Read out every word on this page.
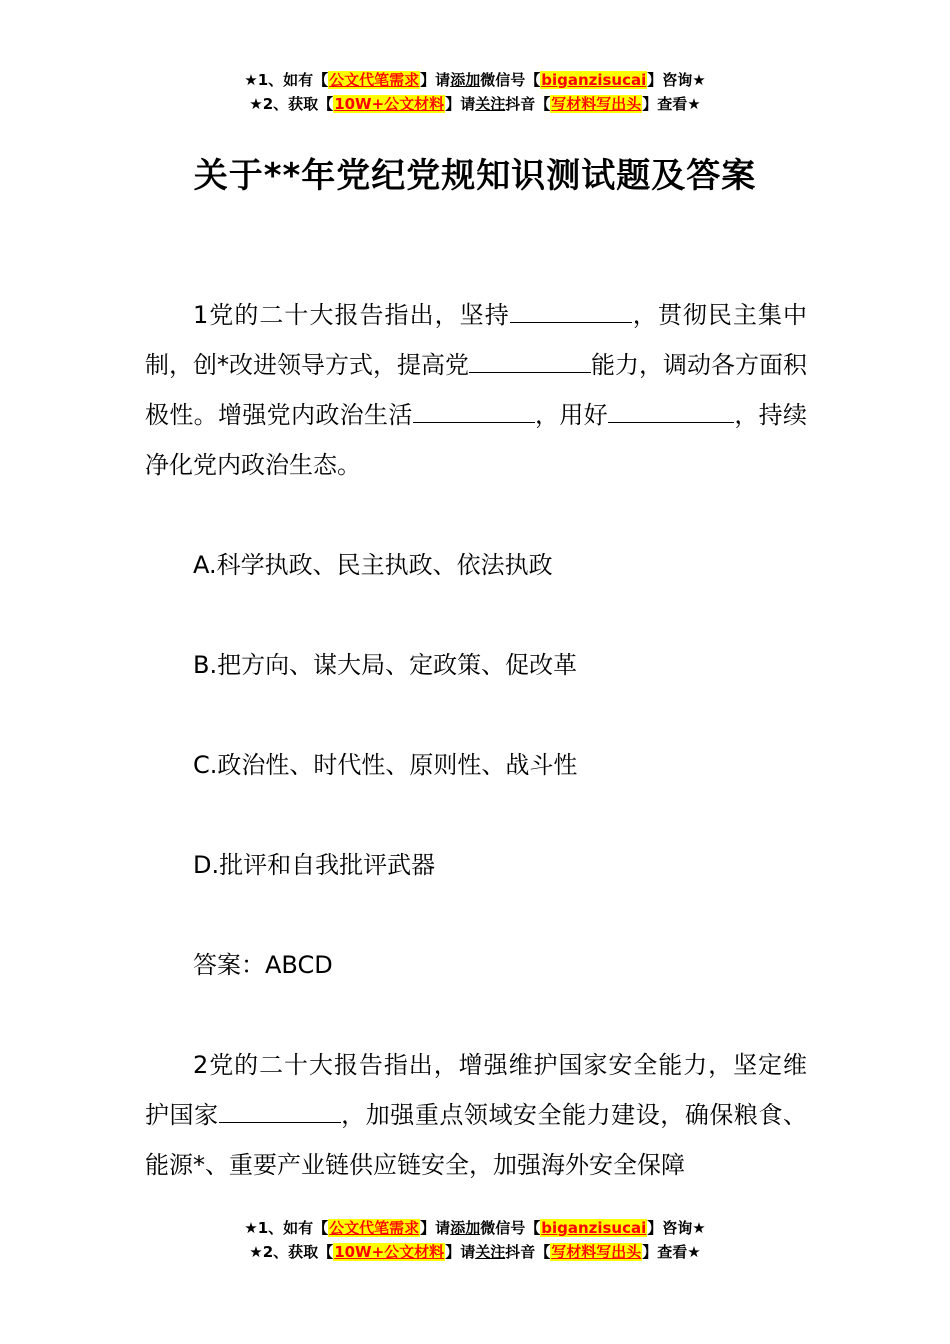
★1、如有【公文代笔需求】请添加微信号【biganzisucai】咨询★
★2、获取【10W+公文材料】请关注抖音【写材料写出头】查看★
关于**年党纪党规知识测试题及答案

1党的二十大报告指出，坚持	，贯彻民主集中制，创*改进领导方式，提高党	能力，调动各方面积极性。增强党内政治生活	，用好	，持续净化党内政治生态。

A.科学执政、民主执政、依法执政

B.把方向、谋大局、定政策、促改革

C.政治性、时代性、原则性、战斗性

D.批评和自我批评武器

答案：ABCD

2党的二十大报告指出，增强维护国家安全能力，坚定维护国家	，加强重点领域安全能力建设，确保粮食、能源*、重要产业链供应链安全，加强海外安全保障

★1、如有【公文代笔需求】请添加微信号【biganzisucai】咨询★
★2、获取【10W+公文材料】请关注抖音【写材料写出头】查看★
